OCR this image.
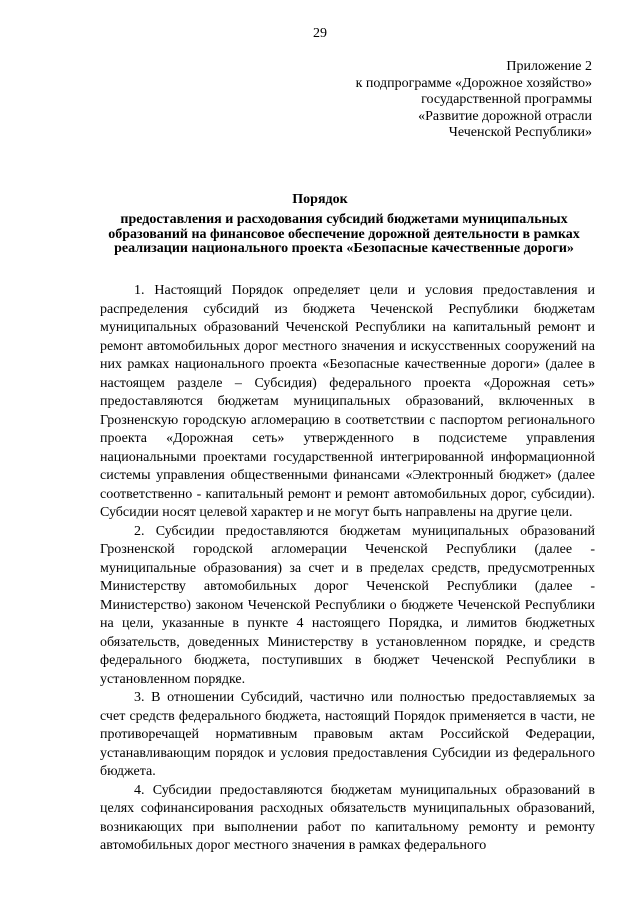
29
Приложение 2
к подпрограмме «Дорожное хозяйство»
государственной программы
«Развитие дорожной отрасли
Чеченской Республики»
Порядок
предоставления и расходования субсидий бюджетами муниципальных образований на финансовое обеспечение дорожной деятельности в рамках реализации национального проекта «Безопасные качественные дороги»

1. Настоящий Порядок определяет цели и условия предоставления и распределения субсидий из бюджета Чеченской Республики бюджетам муниципальных образований Чеченской Республики на капитальный ремонт и ремонт автомобильных дорог местного значения и искусственных сооружений на них рамках национального проекта «Безопасные качественные дороги» (далее в настоящем разделе – Субсидия) федерального проекта «Дорожная сеть» предоставляются бюджетам муниципальных образований, включенных в Грозненскую городскую агломерацию в соответствии с паспортом регионального проекта «Дорожная сеть» утвержденного в подсистеме управления национальными проектами государственной интегрированной информационной системы управления общественными финансами «Электронный бюджет» (далее соответственно - капитальный ремонт и ремонт автомобильных дорог, субсидии). Субсидии носят целевой характер и не могут быть направлены на другие цели.

2. Субсидии предоставляются бюджетам муниципальных образований Грозненской городской агломерации Чеченской Республики (далее - муниципальные образования) за счет и в пределах средств, предусмотренных Министерству автомобильных дорог Чеченской Республики (далее - Министерство) законом Чеченской Республики о бюджете Чеченской Республики на цели, указанные в пункте 4 настоящего Порядка, и лимитов бюджетных обязательств, доведенных Министерству в установленном порядке, и средств федерального бюджета, поступивших в бюджет Чеченской Республики в установленном порядке.

3. В отношении Субсидий, частично или полностью предоставляемых за счет средств федерального бюджета, настоящий Порядок применяется в части, не противоречащей нормативным правовым актам Российской Федерации, устанавливающим порядок и условия предоставления Субсидии из федерального бюджета.

4. Субсидии предоставляются бюджетам муниципальных образований в целях софинансирования расходных обязательств муниципальных образований, возникающих при выполнении работ по капитальному ремонту и ремонту автомобильных дорог местного значения в рамках федерального
